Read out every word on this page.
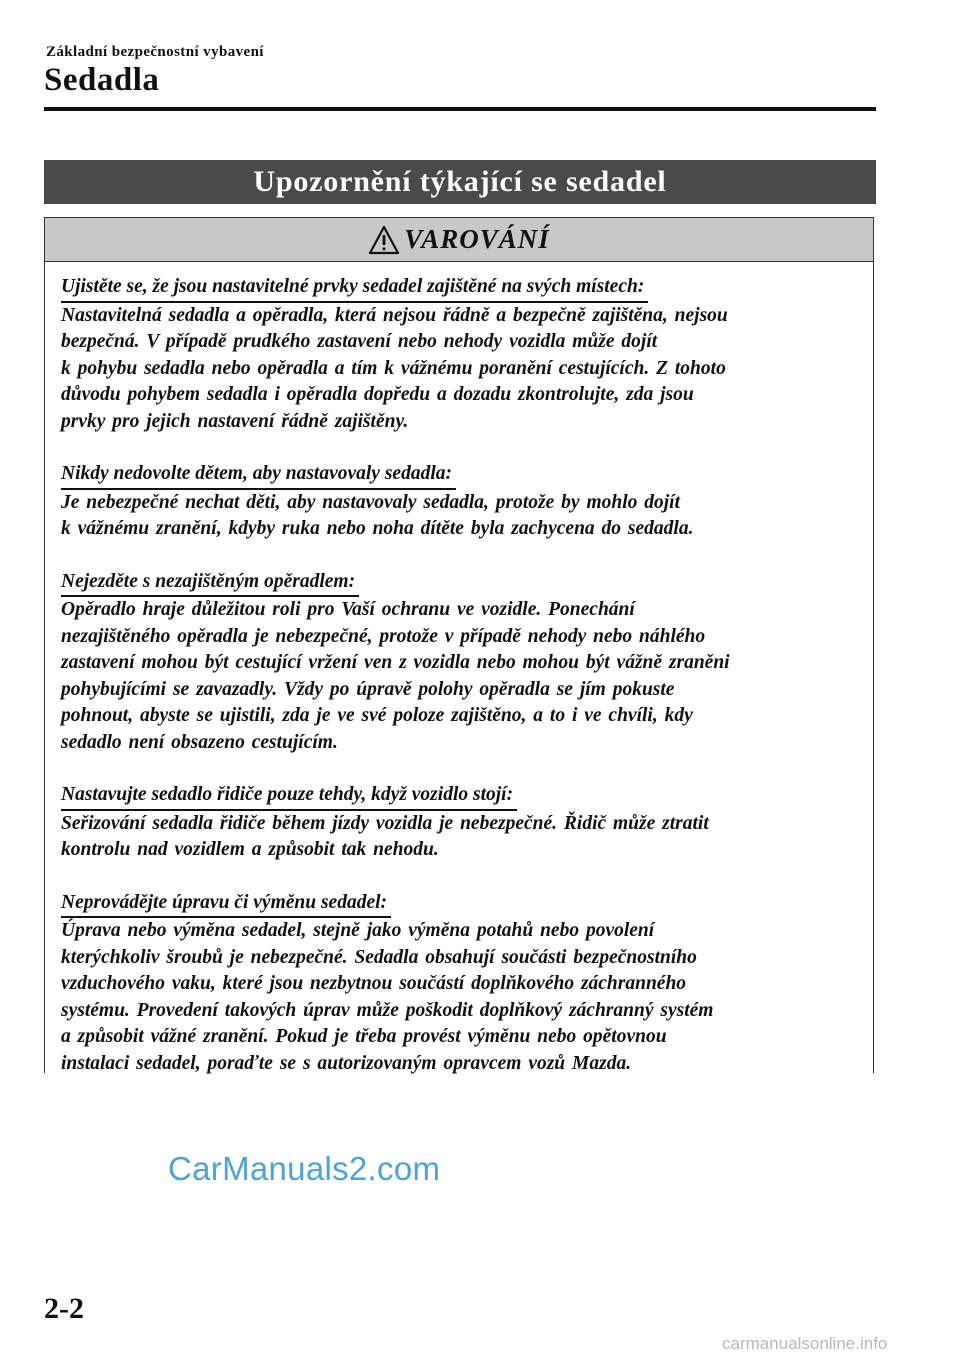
Základní bezpečnostní vybavení
Sedadla
Upozornění týkající se sedadel
VAROVÁNÍ
Ujistěte se, že jsou nastavitelné prvky sedadel zajištěné na svých místech:
Nastavitelná sedadla a opěradla, která nejsou řádně a bezpečně zajištěna, nejsou
bezpečná. V případě prudkého zastavení nebo nehody vozidla může dojít
k pohybu sedadla nebo opěradla a tím k vážnému poranění cestujících. Z tohoto
důvodu pohybem sedadla i opěradla dopředu a dozadu zkontrolujte, zda jsou
prvky pro jejich nastavení řádně zajištěny.
Nikdy nedovolte dětem, aby nastavovaly sedadla:
Je nebezpečné nechat děti, aby nastavovaly sedadla, protože by mohlo dojít
k vážnému zranění, kdyby ruka nebo noha dítěte byla zachycena do sedadla.
Nejezděte s nezajištěným opěradlem:
Opěradlo hraje důležitou roli pro Vaší ochranu ve vozidle. Ponechání
nezajištěného opěradla je nebezpečné, protože v případě nehody nebo náhlého
zastavení mohou být cestující vržení ven z vozidla nebo mohou být vážně zraněni
pohybujícími se zavazadly. Vždy po úpravě polohy opěradla se jím pokuste
pohnout, abyste se ujistili, zda je ve své poloze zajištěno, a to i ve chvíli, kdy
sedadlo není obsazeno cestujícím.
Nastavujte sedadlo řidiče pouze tehdy, když vozidlo stojí:
Seřizování sedadla řidiče během jízdy vozidla je nebezpečné. Řidič může ztratit
kontrolu nad vozidlem a způsobit tak nehodu.
Neprovádějte úpravu či výměnu sedadel:
Úprava nebo výměna sedadel, stejně jako výměna potahů nebo povolení
kterýchkoliv šroubů je nebezpečné. Sedadla obsahují součásti bezpečnostního
vzduchového vaku, které jsou nezbytnou součástí doplňkového záchranného
systému. Provedení takových úprav může poškodit doplňkový záchranný systém
a způsobit vážné zranění. Pokud je třeba provést výměnu nebo opětovnou
instalaci sedadel, poraďte se s autorizovaným opravcem vozů Mazda.
CarManuals2.com
2-2
carmanualsonline.info
